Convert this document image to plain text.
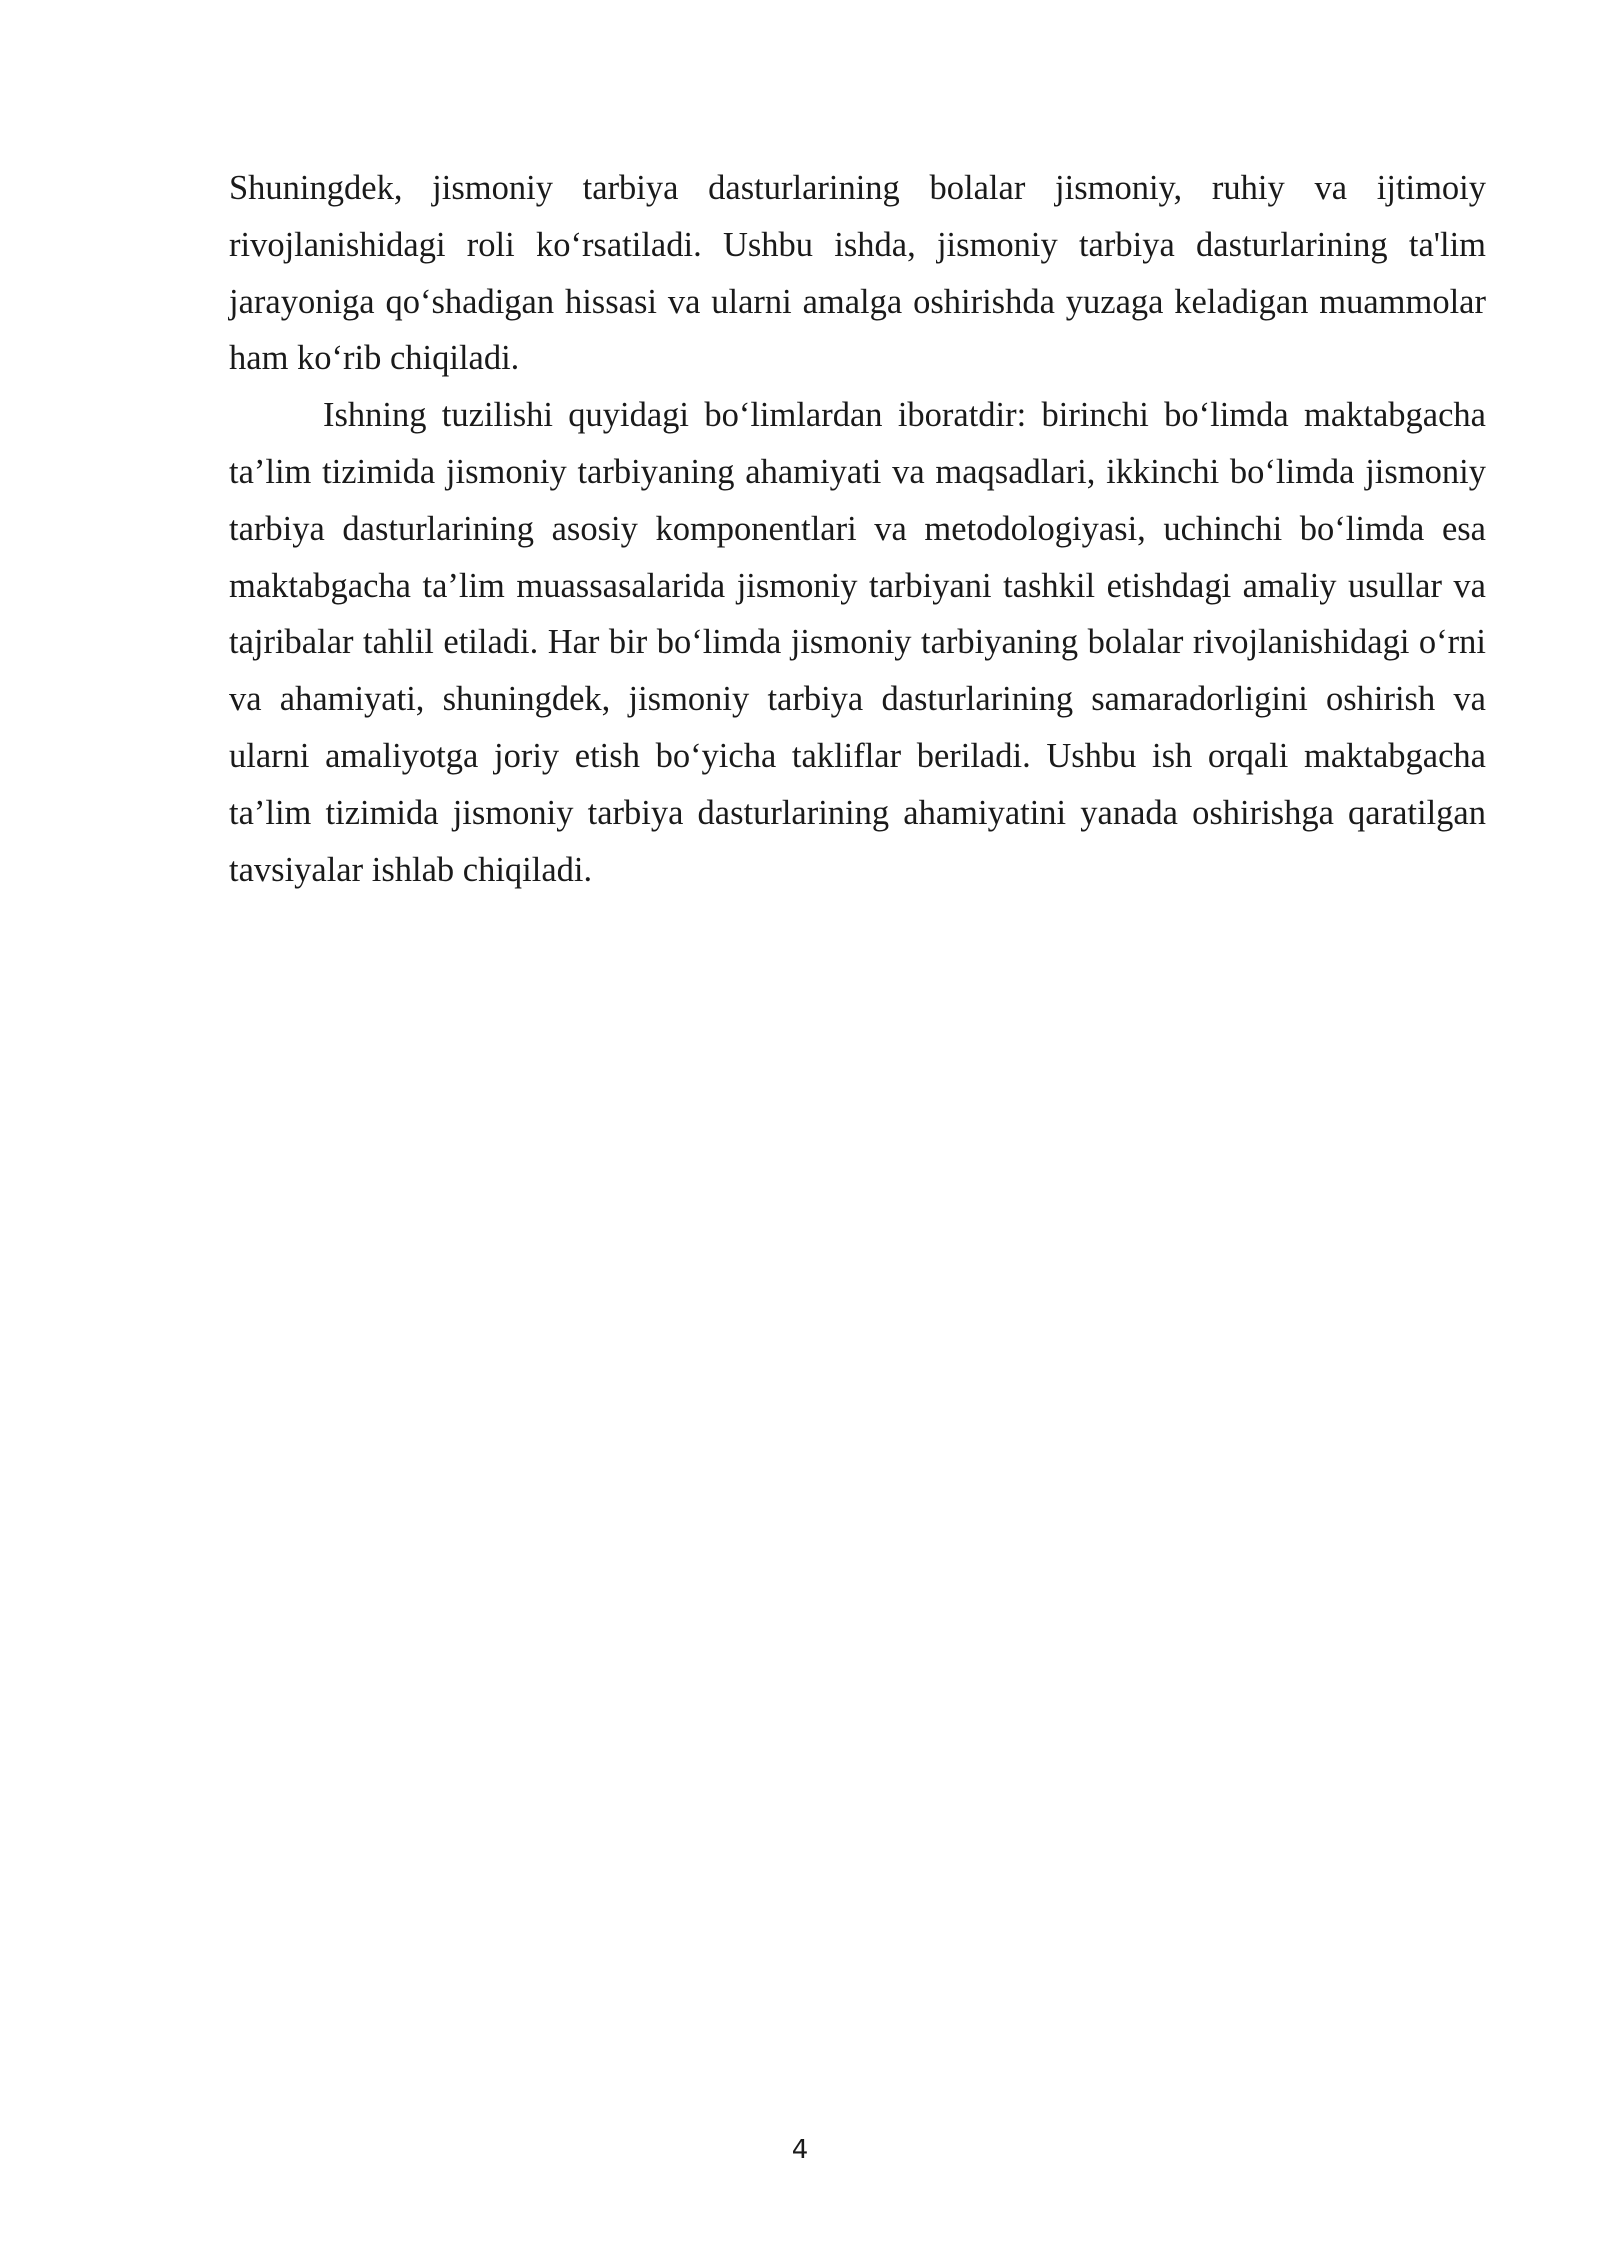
Shuningdek, jismoniy tarbiya dasturlarining bolalar jismoniy, ruhiy va ijtimoiy rivojlanishidagi roli ko‘rsatiladi. Ushbu ishda, jismoniy tarbiya dasturlarining ta'lim jarayoniga qo‘shadigan hissasi va ularni amalga oshirishda yuzaga keladigan muammolar ham ko‘rib chiqiladi.

Ishning tuzilishi quyidagi bo‘limlardan iboratdir: birinchi bo‘limda maktabgacha ta’lim tizimida jismoniy tarbiyaning ahamiyati va maqsadlari, ikkinchi bo‘limda jismoniy tarbiya dasturlarining asosiy komponentlari va metodologiyasi, uchinchi bo‘limda esa maktabgacha ta’lim muassasalarida jismoniy tarbiyani tashkil etishdagi amaliy usullar va tajribalar tahlil etiladi. Har bir bo‘limda jismoniy tarbiyaning bolalar rivojlanishidagi o‘rni va ahamiyati, shuningdek, jismoniy tarbiya dasturlarining samaradorligini oshirish va ularni amaliyotga joriy etish bo‘yicha takliflar beriladi. Ushbu ish orqali maktabgacha ta’lim tizimida jismoniy tarbiya dasturlarining ahamiyatini yanada oshirishga qaratilgan tavsiyalar ishlab chiqiladi.

4
